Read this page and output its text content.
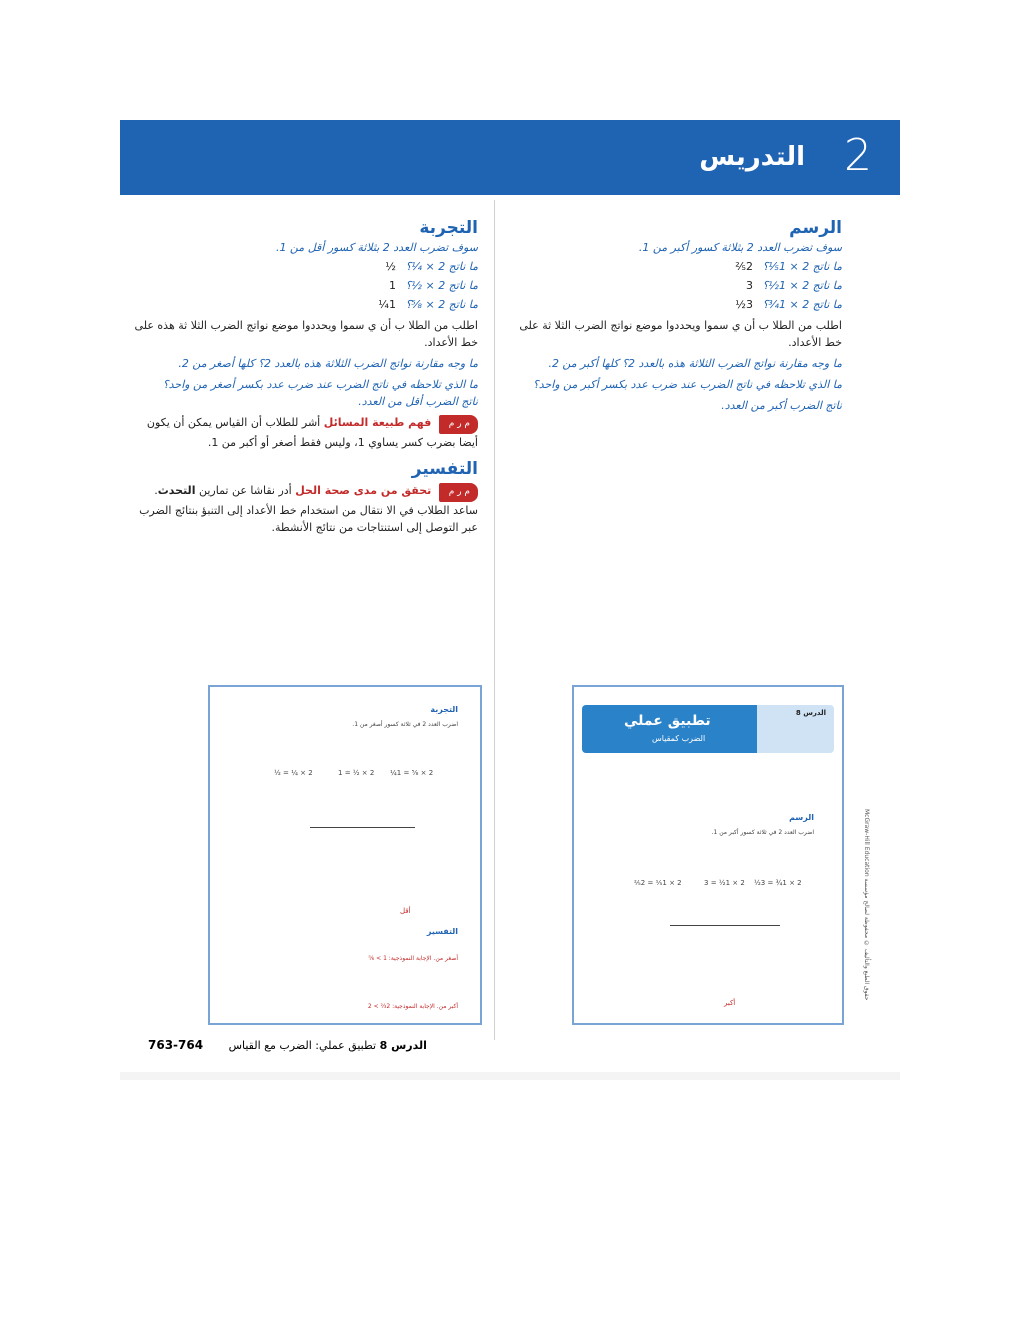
2
التدريس
الرسم
سوف تضرب العدد 2 بثلاثة كسور أكبر من 1.
ما ناتج 2 × 1⅕؟ 2⅖
ما ناتج 2 × 1½؟ 3
ما ناتج 2 × 1¾؟ 3½
اطلب من الطلا ب أن ي سموا ويحددوا موضع نواتج الضرب الثلا ثة على خط الأعداد.
ما وجه مقارنة نواتج الضرب الثلاثة هذه بالعدد 2؟ كلها أكبر من 2.
ما الذي تلاحظه في ناتج الضرب عند ضرب عدد بكسر أكبر من واحد؟
ناتج الضرب أكبر من العدد.
التجربة
سوف تضرب العدد 2 بثلاثة كسور أقل من 1.
ما ناتج 2 × ¼؟ ½
ما ناتج 2 × ½؟ 1
ما ناتج 2 × ⅝؟ 1¼
اطلب من الطلا ب أن ي سموا ويحددوا موضع نواتج الضرب الثلا ثة هذه على خط الأعداد.
ما وجه مقارنة نواتج الضرب الثلاثة هذه بالعدد 2؟ كلها أصغر من 2.
ما الذي تلاحظه في ناتج الضرب عند ضرب عدد بكسر أصغر من واحد؟
ناتج الضرب أقل من العدد.
م ر م فهم طبيعة المسائل أشر للطلاب أن القياس يمكن أن يكون أيضا بضرب كسر يساوي 1، وليس فقط أصغر أو أكبر من 1.
التفسير
م ر م تحقق من مدى صحة الحل أدر نقاشا عن تمارين التحدث. ساعد الطلاب في الا نتقال من استخدام خط الأعداد إلى التنبؤ بنتائج الضرب عبر التوصل إلى استنتاجات من نتائج الأنشطة.
الدرس 8
تطبيق عملي
الضرب كمقياس
الرسم
اضرب العدد 2 في ثلاثة كسور أكبر من 1.
2 × 1⅕ = 2⅖	2 × 1½ = 3 2 × 1¾ = 3½
أكبر
التجربة
اضرب العدد 2 في ثلاثة كسور أصغر من 1.
2 × ¼ = ½	2 × ½ = 1 2 × ⅝ = 1¼
أقل
التفسير
أصغر من. الإجابة النموذجية: 1 > ⅚
أكبر من. الإجابة النموذجية: 2⅔ > 2
حقوق الطبع والتأليف © محفوظة لصالح مؤسسة McGraw-Hill Education
763-764	الدرس 8 تطبيق عملي: الضرب مع القياس
